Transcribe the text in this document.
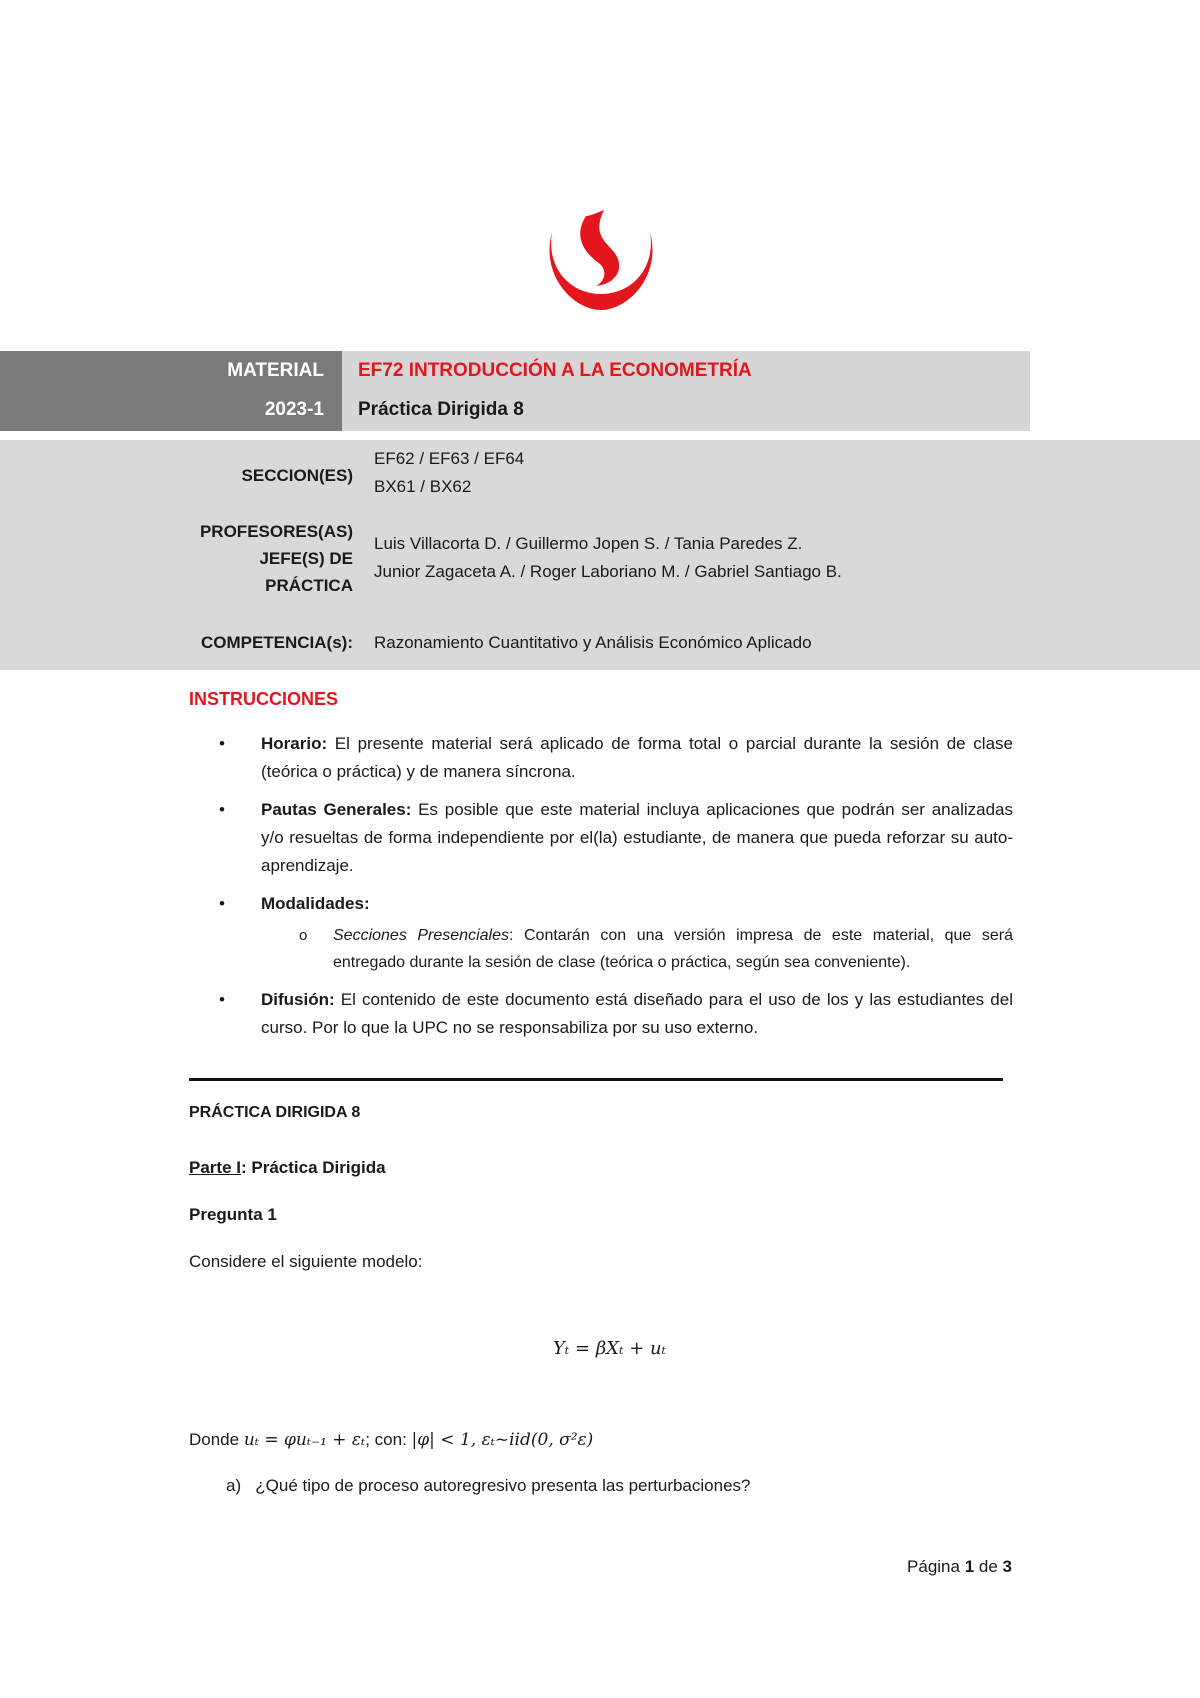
MATERIAL
2023-1
EF72 INTRODUCCIÓN A LA ECONOMETRÍA
Práctica Dirigida 8
SECCION(ES)
EF62 / EF63 / EF64
BX61 / BX62
PROFESORES(AS)
JEFE(S) DE
PRÁCTICA
Luis Villacorta D. / Guillermo Jopen S. / Tania Paredes Z.
Junior Zagaceta A. / Roger Laboriano M. / Gabriel Santiago B.
COMPETENCIA(s): Razonamiento Cuantitativo y Análisis Económico Aplicado
INSTRUCCIONES
• Horario: El presente material será aplicado de forma total o parcial durante la sesión de clase (teórica o práctica) y de manera síncrona.
• Pautas Generales: Es posible que este material incluya aplicaciones que podrán ser analizadas y/o resueltas de forma independiente por el(la) estudiante, de manera que pueda reforzar su auto-aprendizaje.
• Modalidades:
o Secciones Presenciales: Contarán con una versión impresa de este material, que será entregado durante la sesión de clase (teórica o práctica, según sea conveniente).
• Difusión: El contenido de este documento está diseñado para el uso de los y las estudiantes del curso. Por lo que la UPC no se responsabiliza por su uso externo.
PRÁCTICA DIRIGIDA 8
Parte I: Práctica Dirigida
Pregunta 1
Considere el siguiente modelo:
Yₜ = βXₜ + uₜ
Donde uₜ = φuₜ₋₁ + εₜ; con: |φ| < 1, εₜ~iid(0, σ²ε)
a) ¿Qué tipo de proceso autoregresivo presenta las perturbaciones?
Página 1 de 3
